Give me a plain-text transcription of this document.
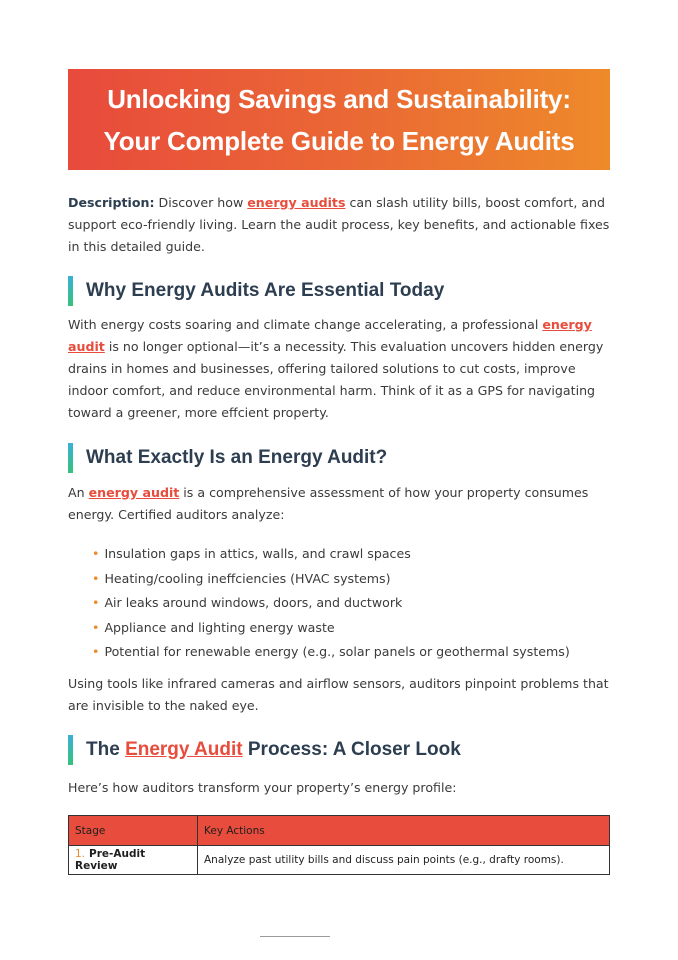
Unlocking Savings and Sustainability:
Your Complete Guide to Energy Audits
Description: Discover how energy audits can slash utility bills, boost comfort, and support eco-friendly living. Learn the audit process, key benefits, and actionable fixes in this detailed guide.
Why Energy Audits Are Essential Today
With energy costs soaring and climate change accelerating, a professional energy audit is no longer optional—it’s a necessity. This evaluation uncovers hidden energy drains in homes and businesses, offering tailored solutions to cut costs, improve indoor comfort, and reduce environmental harm. Think of it as a GPS for navigating toward a greener, more effcient property.
What Exactly Is an Energy Audit?
An energy audit is a comprehensive assessment of how your property consumes energy. Certified auditors analyze:
• Insulation gaps in attics, walls, and crawl spaces
• Heating/cooling ineffciencies (HVAC systems)
• Air leaks around windows, doors, and ductwork
• Appliance and lighting energy waste
• Potential for renewable energy (e.g., solar panels or geothermal systems)
Using tools like infrared cameras and airflow sensors, auditors pinpoint problems that are invisible to the naked eye.
The Energy Audit Process: A Closer Look
Here’s how auditors transform your property’s energy profile:
Stage	Key Actions
1. Pre-Audit Review	Analyze past utility bills and discuss pain points (e.g., drafty rooms).
